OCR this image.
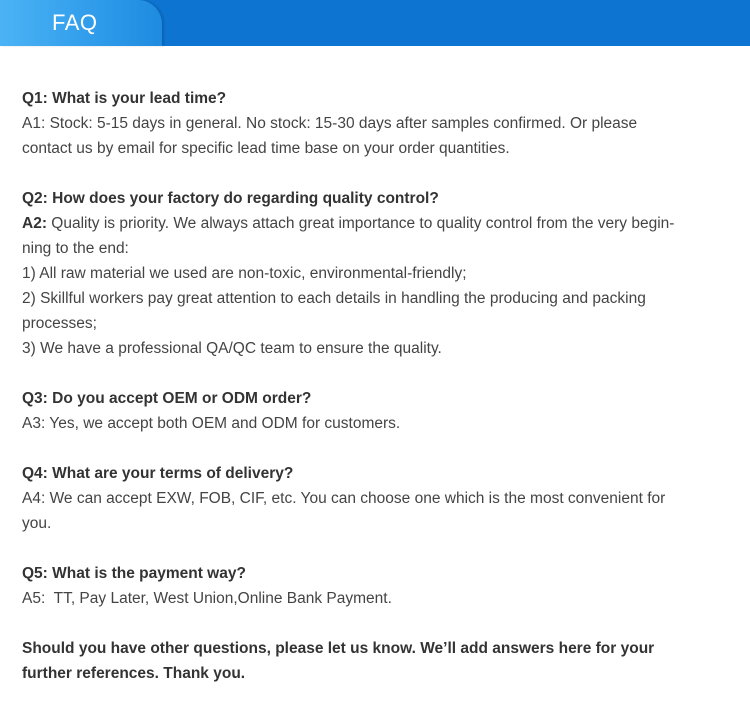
FAQ
Q1: What is your lead time?
A1: Stock: 5-15 days in general. No stock: 15-30 days after samples confirmed. Or please
contact us by email for specific lead time base on your order quantities.
Q2: How does your factory do regarding quality control?
A2: Quality is priority. We always attach great importance to quality control from the very begin-
ning to the end:
1) All raw material we used are non-toxic, environmental-friendly;
2) Skillful workers pay great attention to each details in handling the producing and packing
processes;
3) We have a professional QA/QC team to ensure the quality.
Q3: Do you accept OEM or ODM order?
A3: Yes, we accept both OEM and ODM for customers.
Q4: What are your terms of delivery?
A4: We can accept EXW, FOB, CIF, etc. You can choose one which is the most convenient for
you.
Q5: What is the payment way?
A5:  TT, Pay Later, West Union,Online Bank Payment.
Should you have other questions, please let us know. We’ll add answers here for your
further references. Thank you.
